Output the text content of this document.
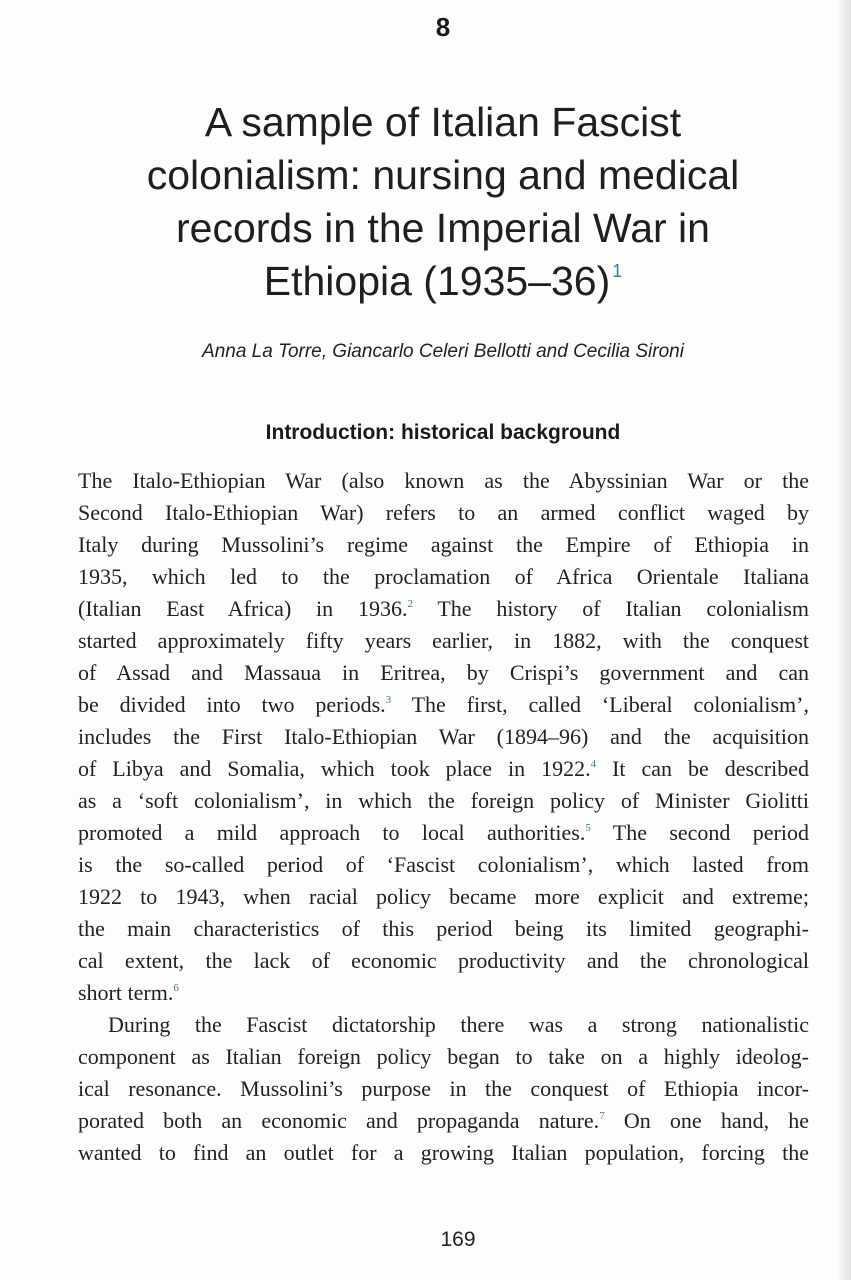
8
A sample of Italian Fascist
colonialism: nursing and medical
records in the Imperial War in
Ethiopia (1935–36) $^1$
Anna La Torre, Giancarlo Celeri Bellotti and Cecilia Sironi
Introduction: historical background
The Italo-Ethiopian War (also known as the Abyssinian War or the
Second Italo-Ethiopian War) refers to an armed conflict waged by
Italy during Mussolini’s regime against the Empire of Ethiopia in
1935, which led to the proclamation of Africa Orientale Italiana
(Italian East Africa) in 1936.$^2$ The history of Italian colonialism
started approximately fifty years earlier, in 1882, with the conquest
of Assad and Massaua in Eritrea, by Crispi’s government and can
be divided into two periods.$^3$ The first, called ‘Liberal colonialism’,
includes the First Italo-Ethiopian War (1894–96) and the acquisition
of Libya and Somalia, which took place in 1922.$^4$ It can be described
as a ‘soft colonialism’, in which the foreign policy of Minister Giolitti
promoted a mild approach to local authorities.$^5$ The second period
is the so-called period of ‘Fascist colonialism’, which lasted from
1922 to 1943, when racial policy became more explicit and extreme;
the main characteristics of this period being its limited geographi-
cal extent, the lack of economic productivity and the chronological
short term.$^6$
During the Fascist dictatorship there was a strong nationalistic
component as Italian foreign policy began to take on a highly ideolog-
ical resonance. Mussolini’s purpose in the conquest of Ethiopia incor-
porated both an economic and propaganda nature.$^7$ On one hand, he
wanted to find an outlet for a growing Italian population, forcing the
169
